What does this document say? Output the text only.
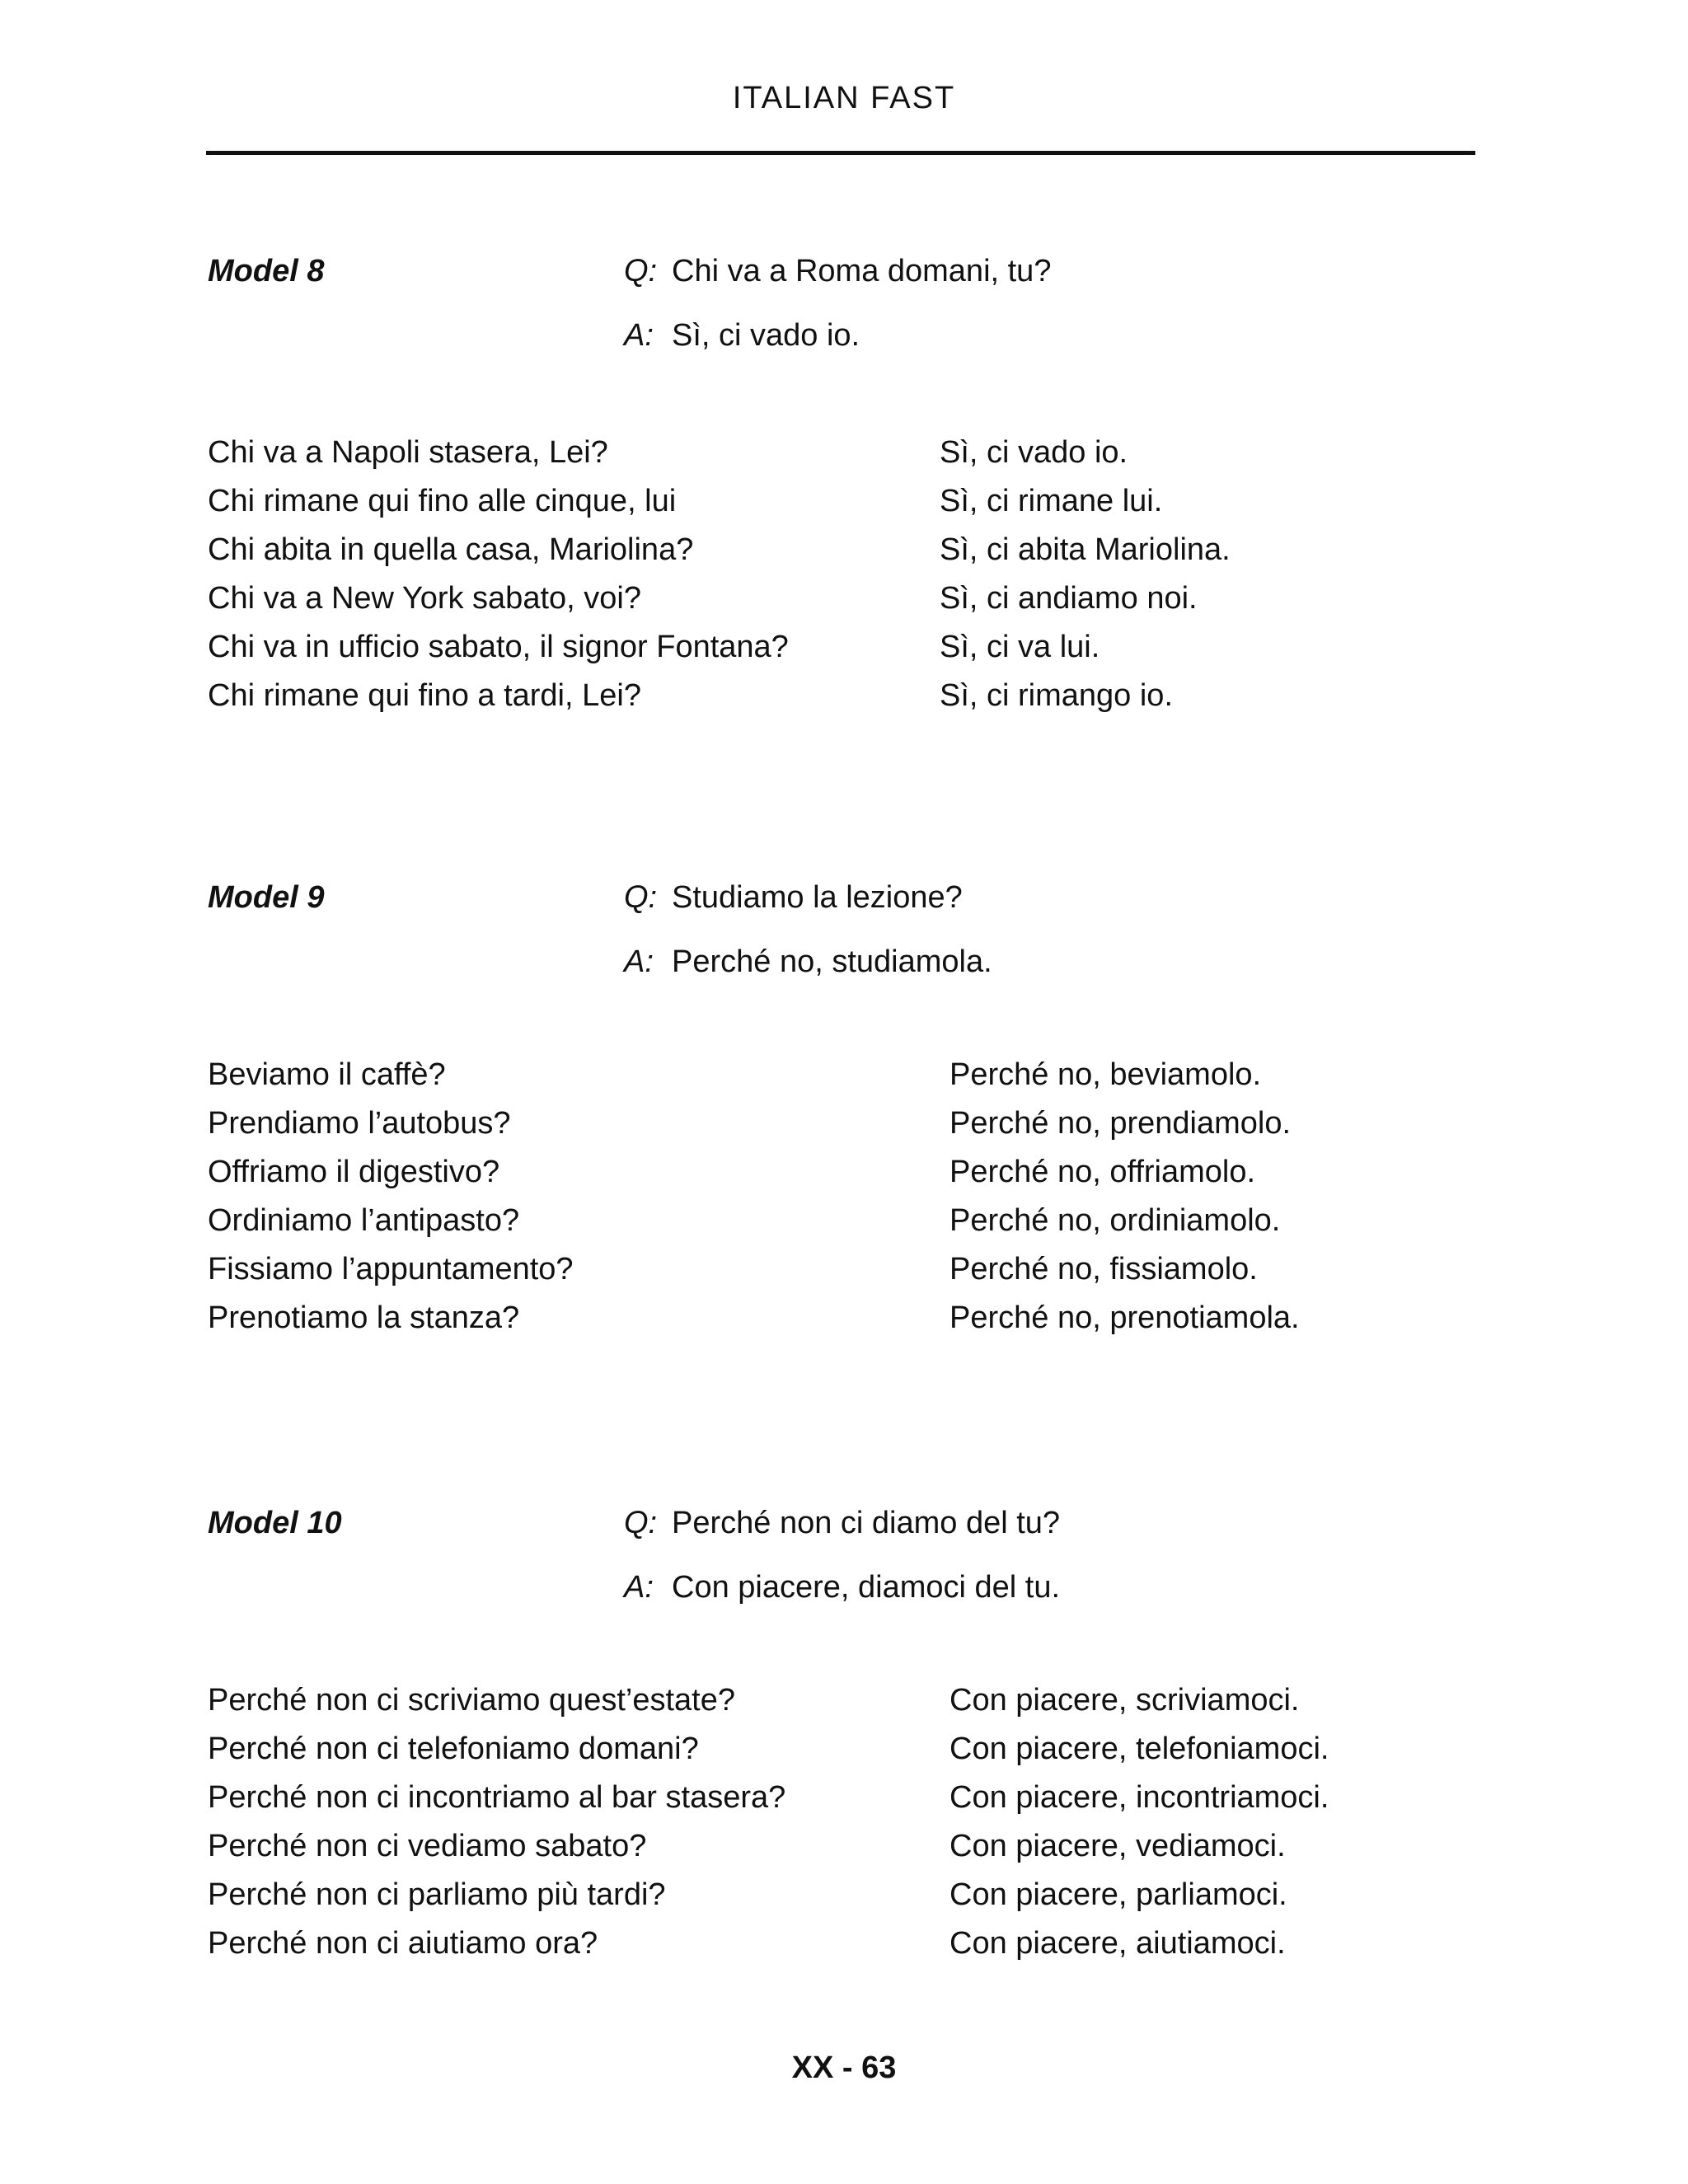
ITALIAN FAST
Model 8	Q: Chi va a Roma domani, tu?
A: Sì, ci vado io.
Chi va a Napoli stasera, Lei?	Sì, ci vado io.
Chi rimane qui fino alle cinque, lui	Sì, ci rimane lui.
Chi abita in quella casa, Mariolina?	Sì, ci abita Mariolina.
Chi va a New York sabato, voi?	Sì, ci andiamo noi.
Chi va in ufficio sabato, il signor Fontana?	Sì, ci va lui.
Chi rimane qui fino a tardi, Lei?	Sì, ci rimango io.
Model 9	Q: Studiamo la lezione?
A: Perché no, studiamola.
Beviamo il caffè?	Perché no, beviamolo.
Prendiamo l’autobus?	Perché no, prendiamolo.
Offriamo il digestivo?	Perché no, offriamolo.
Ordiniamo l’antipasto?	Perché no, ordiniamolo.
Fissiamo l’appuntamento?	Perché no, fissiamolo.
Prenotiamo la stanza?	Perché no, prenotiamola.
Model 10	Q: Perché non ci diamo del tu?
A: Con piacere, diamoci del tu.
Perché non ci scriviamo quest’estate?	Con piacere, scriviamoci.
Perché non ci telefoniamo domani?	Con piacere, telefoniamoci.
Perché non ci incontriamo al bar stasera?	Con piacere, incontriamoci.
Perché non ci vediamo sabato?	Con piacere, vediamoci.
Perché non ci parliamo più tardi?	Con piacere, parliamoci.
Perché non ci aiutiamo ora?	Con piacere, aiutiamoci.
XX - 63
